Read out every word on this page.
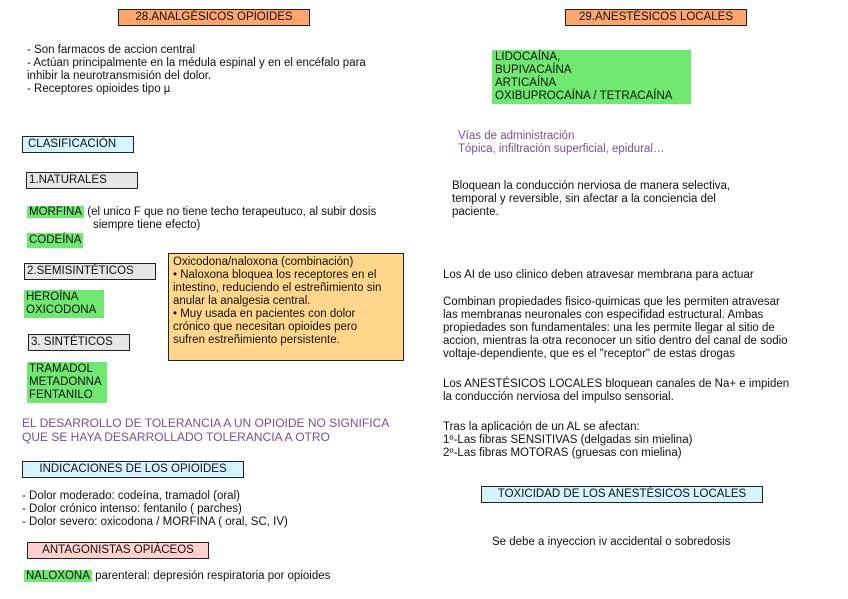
28.ANALGÉSICOS OPIOIDES
- Son farmacos de accion central
- Actúan principalmente en la médula espinal y en el encéfalo para
inhibir la neurotransmisión del dolor.
- Receptores opioides tipo µ
CLASIFICACIÓN
1.NATURALES
MORFINA (el unico F que no tiene techo terapeutuco, al subir dosis
siempre tiene efecto)
CODEÍNA
2.SEMISINTÉTICOS
HEROÍNA
OXICODONA
3. SINTÉTICOS
TRAMADOL
METADONNA
FENTANILO
Oxicodona/naloxona (combinación)
• Naloxona bloquea los receptores en el
intestino, reduciendo el estreñimiento sin
anular la analgesia central.
• Muy usada en pacientes con dolor
crónico que necesitan opioides pero
sufren estreñimiento persistente.
EL DESARROLLO DE TOLERANCIA A UN OPIOIDE NO SIGNIFICA
QUE SE HAYA DESARROLLADO TOLERANCIA A OTRO
INDICACIONES DE LOS OPIOIDES
- Dolor moderado: codeína, tramadol (oral)
- Dolor crónico intenso: fentanilo ( parches)
- Dolor severo: oxicodona / MORFINA ( oral, SC, IV)
ANTAGONISTAS OPIÁCEOS
NALOXONA parenteral: depresión respiratoria por opioides
29.ANESTÉSICOS LOCALES
LIDOCAÍNA,
BUPIVACAÍNA
ARTICAÍNA
OXIBUPROCAÍNA / TETRACAÍNA
Vías de administración
Tópica, infiltración superficial, epidural…
Bloquean la conducción nerviosa de manera selectiva,
temporal y reversible, sin afectar a la conciencia del
paciente.
Los AI de uso clinico deben atravesar membrana para actuar
Combinan propiedades fisico-quimicas que les permiten atravesar
las membranas neuronales con especifidad estructural. Ambas
propiedades son fundamentales: una les permite llegar al sitio de
accion, mientras la otra reconocer un sitio dentro del canal de sodio
voltaje-dependiente, que es el "receptor" de estas drogas
Los ANESTÉSICOS LOCALES bloquean canales de Na+ e impiden
la conducción nerviosa del impulso sensorial.
Tras la aplicación de un AL se afectan:
1º-Las fibras SENSITIVAS (delgadas sin mielina)
2º-Las fibras MOTORAS (gruesas con mielina)
TOXICIDAD DE LOS ANESTÉSICOS LOCALES
Se debe a inyeccion iv accidental o sobredosis
